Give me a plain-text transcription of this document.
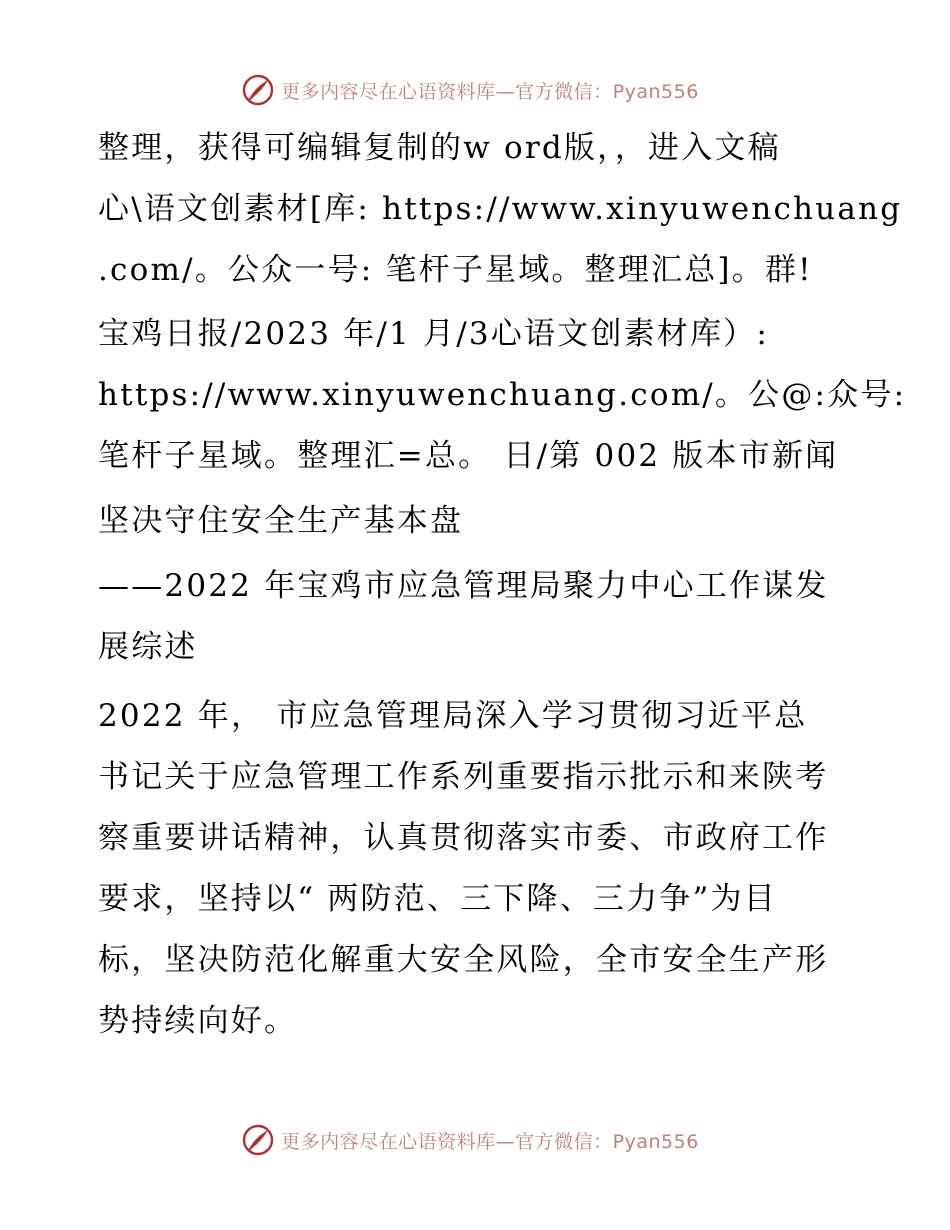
更多内容尽在心语资料库—官方微信：Pyan556

整理，获得可编辑复制的w ord版，，进入文稿
心\语文创素材[库: https://www.xinyuwenchuang
.com/。公众一号: 笔杆子星域。整理汇总]。群!

宝鸡日报/2023 年/1 月/3心语文创素材库）:
https://www.xinyuwenchuang.com/。公@:众号:
笔杆子星域。整理汇=总。 日/第 002 版本市新闻

坚决守住安全生产基本盘

——2022 年宝鸡市应急管理局聚力中心工作谋发
展综述

2022 年， 市应急管理局深入学习贯彻习近平总
书记关于应急管理工作系列重要指示批示和来陕考
察重要讲话精神，认真贯彻落实市委、市政府工作
要求，坚持以“ 两防范、三下降、三力争”为目
标，坚决防范化解重大安全风险，全市安全生产形
势持续向好。

更多内容尽在心语资料库—官方微信：Pyan556
